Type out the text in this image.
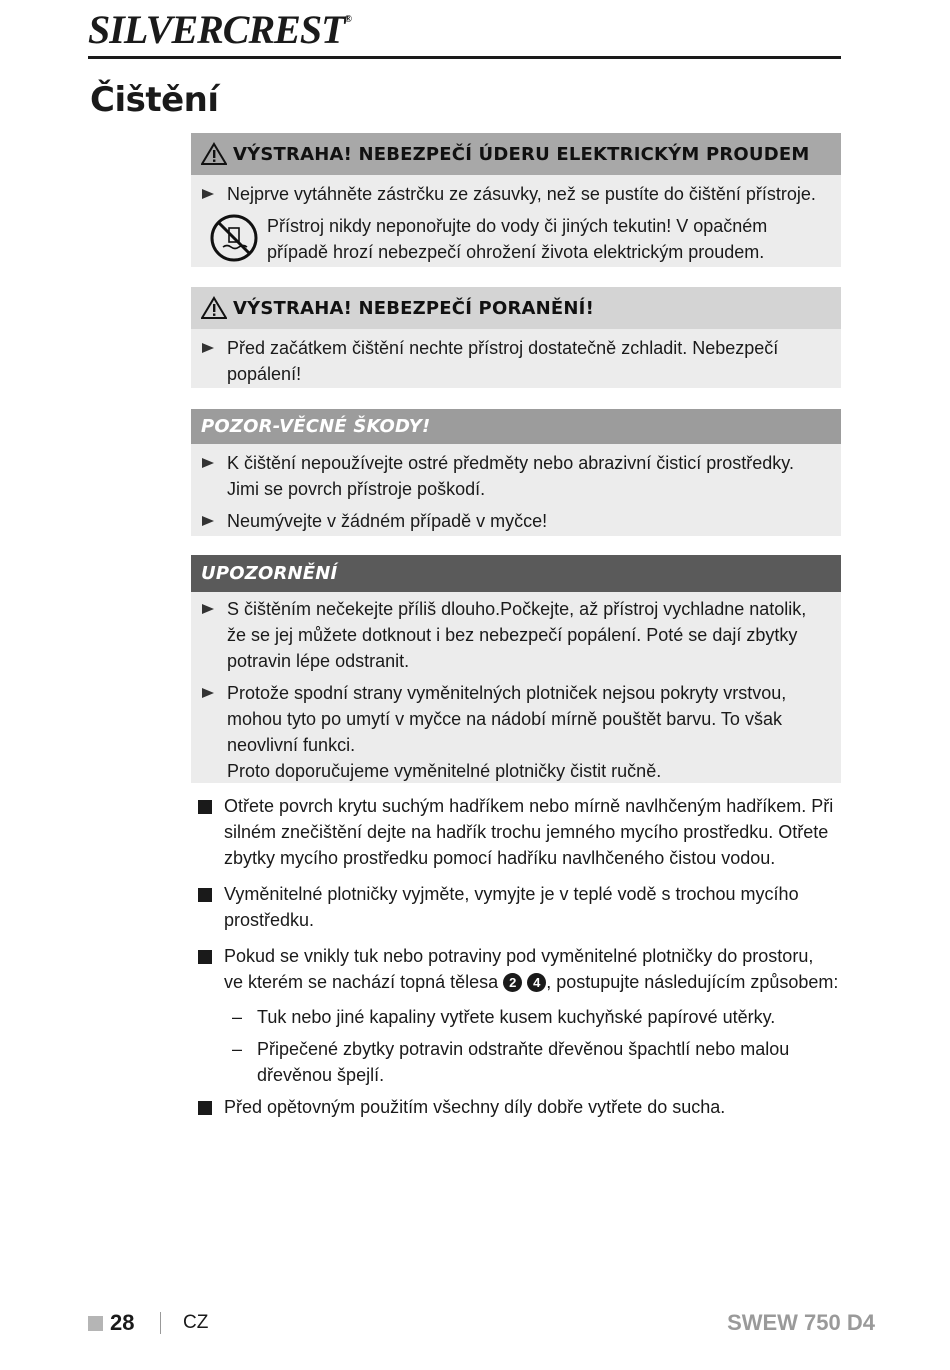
SILVERCREST®
Čištění
VÝSTRAHA! NEBEZPEČÍ ÚDERU ELEKTRICKÝM PROUDEM

Nejprve vytáhněte zástrčku ze zásuvky, než se pustíte do čištění přístroje.

Přístroj nikdy neponořujte do vody či jiných tekutin! V opačném
případě hrozí nebezpečí ohrožení života elektrickým proudem.

VÝSTRAHA! NEBEZPEČÍ PORANĚNÍ!

Před začátkem čištění nechte přístroj dostatečně zchladit. Nebezpečí
popálení!

POZOR-VĚCNÉ ŠKODY!

K čištění nepoužívejte ostré předměty nebo abrazivní čisticí prostředky.
Jimi se povrch přístroje poškodí.

Neumývejte v žádném případě v myčce!

UPOZORNĚNÍ

S čištěním nečekejte příliš dlouho.Počkejte, až přístroj vychladne natolik,
že se jej můžete dotknout i bez nebezpečí popálení. Poté se dají zbytky
potravin lépe odstranit.

Protože spodní strany vyměnitelných plotniček nejsou pokryty vrstvou,
mohou tyto po umytí v myčce na nádobí mírně pouštět barvu. To však
neovlivní funkci.
Proto doporučujeme vyměnitelné plotničky čistit ručně.

Otřete povrch krytu suchým hadříkem nebo mírně navlhčeným hadříkem. Při
silném znečištění dejte na hadřík trochu jemného mycího prostředku. Otřete
zbytky mycího prostředku pomocí hadříku navlhčeného čistou vodou.

Vyměnitelné plotničky vyjměte, vymyjte je v teplé vodě s trochou mycího
prostředku.

Pokud se vnikly tuk nebo potraviny pod vyměnitelné plotničky do prostoru,
ve kterém se nachází topná tělesa 2 4 , postupujte následujícím způsobem:

– Tuk nebo jiné kapaliny vytřete kusem kuchyňské papírové utěrky.

– Připečené zbytky potravin odstraňte dřevěnou špachtlí nebo malou
dřevěnou špejlí.

Před opětovným použitím všechny díly dobře vytřete do sucha.

28	CZ	SWEW 750 D4
